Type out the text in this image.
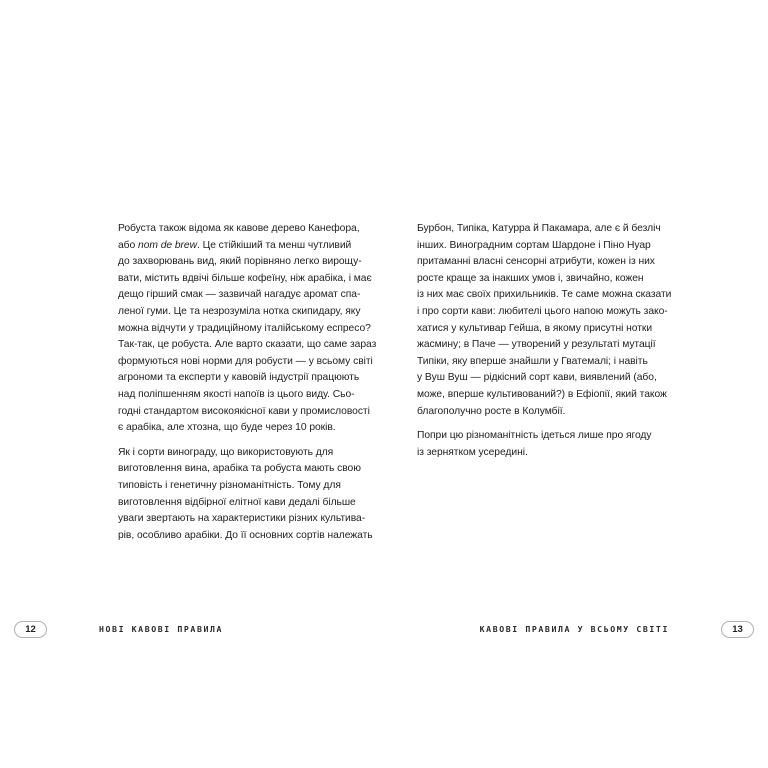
Робуста також відома як кавове дерево Канефора,
або nom de brew. Це стійкіший та менш чутливий
до захворювань вид, який порівняно легко вирощу-
вати, містить вдвічі більше кофеїну, ніж арабіка, і має
дещо гірший смак — зазвичай нагадує аромат спа-
леної гуми. Це та незрозуміла нотка скипидару, яку
можна відчути у традиційному італійському еспресо?
Так-так, це робуста. Але варто сказати, що саме зараз
формуються нові норми для робусти — у всьому світі
агрономи та експерти у кавовій індустрії працюють
над поліпшенням якості напоїв із цього виду. Сьо-
годні стандартом високоякісної кави у промисловості
є арабіка, але хтозна, що буде через 10 років.
Як і сорти винограду, що використовують для
виготовлення вина, арабіка та робуста мають свою
типовість і генетичну різноманітність. Тому для
виготовлення відбірної елітної кави дедалі більше
уваги звертають на характеристики різних культива-
рів, особливо арабіки. До її основних сортів належать
12	НОВІ КАВОВІ ПРАВИЛА
Бурбон, Типіка, Катурра й Пакамара, але є й безліч
інших. Виноградним сортам Шардоне і Піно Нуар
притаманні власні сенсорні атрибути, кожен із них
росте краще за інакших умов і, звичайно, кожен
із них має своїх прихильників. Те саме можна сказати
і про сорти кави: любителі цього напою можуть зако-
хатися у культивар Гейша, в якому присутні нотки
жасмину; в Паче — утворений у результаті мутації
Типіки, яку вперше знайшли у Гватемалі; і навіть
у Вуш Вуш — рідкісний сорт кави, виявлений (або,
може, вперше культивований?) в Ефіопії, який також
благополучно росте в Колумбії.
Попри цю різноманітність ідеться лише про ягоду
із зернятком усередині.
13
КАВОВІ ПРАВИЛА У ВСЬОМУ СВІТІ
